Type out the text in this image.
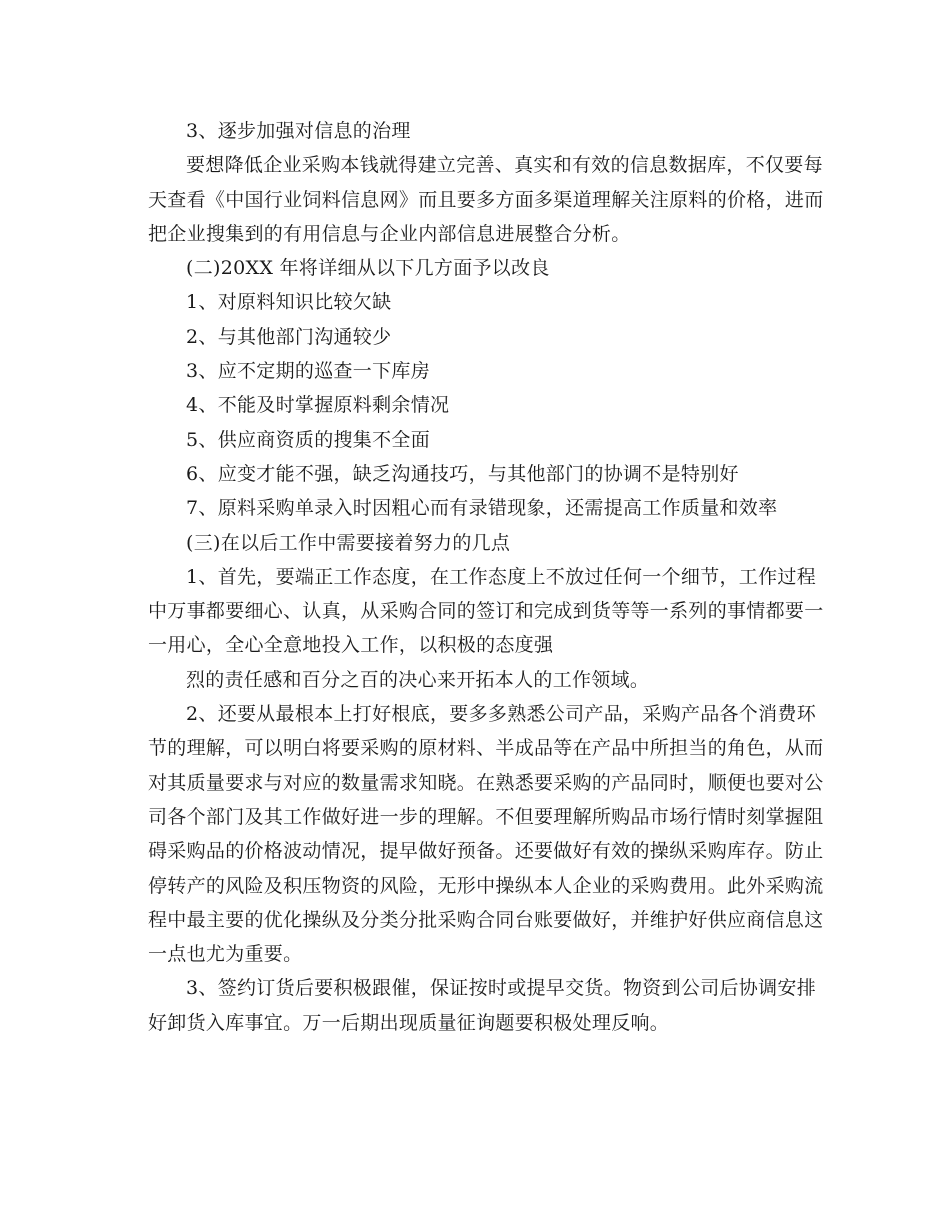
3、逐步加强对信息的治理
要想降低企业采购本钱就得建立完善、真实和有效的信息数据库，不仅要每
天查看《中国行业饲料信息网》而且要多方面多渠道理解关注原料的价格，进而
把企业搜集到的有用信息与企业内部信息进展整合分析。
(二)20XX 年将详细从以下几方面予以改良
1、对原料知识比较欠缺
2、与其他部门沟通较少
3、应不定期的巡查一下库房
4、不能及时掌握原料剩余情况
5、供应商资质的搜集不全面
6、应变才能不强，缺乏沟通技巧，与其他部门的协调不是特别好
7、原料采购单录入时因粗心而有录错现象，还需提高工作质量和效率
(三)在以后工作中需要接着努力的几点
1、首先，要端正工作态度，在工作态度上不放过任何一个细节，工作过程
中万事都要细心、认真，从采购合同的签订和完成到货等等一系列的事情都要一
一用心，全心全意地投入工作，以积极的态度强
烈的责任感和百分之百的决心来开拓本人的工作领域。
2、还要从最根本上打好根底，要多多熟悉公司产品，采购产品各个消费环
节的理解，可以明白将要采购的原材料、半成品等在产品中所担当的角色，从而
对其质量要求与对应的数量需求知晓。在熟悉要采购的产品同时，顺便也要对公
司各个部门及其工作做好进一步的理解。不但要理解所购品市场行情时刻掌握阻
碍采购品的价格波动情况，提早做好预备。还要做好有效的操纵采购库存。防止
停转产的风险及积压物资的风险，无形中操纵本人企业的采购费用。此外采购流
程中最主要的优化操纵及分类分批采购合同台账要做好，并维护好供应商信息这
一点也尤为重要。
3、签约订货后要积极跟催，保证按时或提早交货。物资到公司后协调安排
好卸货入库事宜。万一后期出现质量征询题要积极处理反响。
